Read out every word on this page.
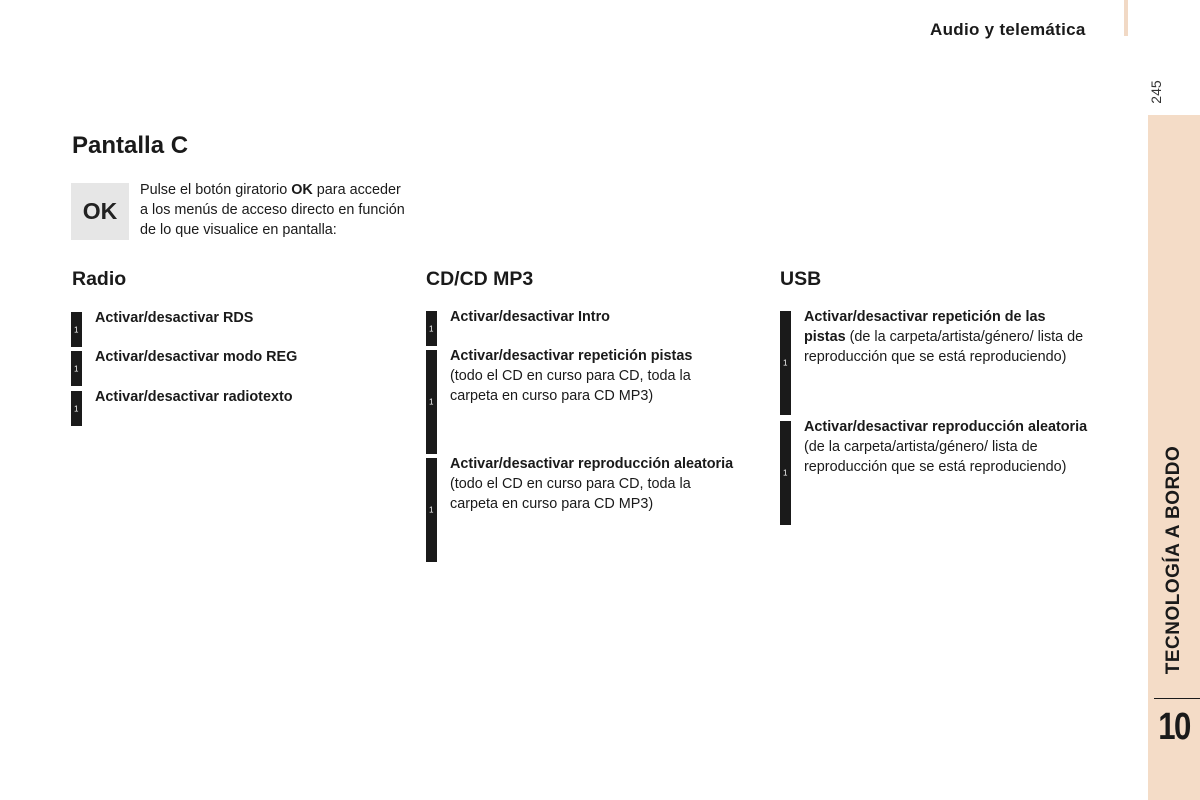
Audio y telemática
245
TECNOLOGÍA A BORDO
10
Pantalla C
OK
Pulse el botón giratorio OK para acceder a los menús de acceso directo en función de lo que visualice en pantalla:
Radio
1
Activar/desactivar RDS
1
Activar/desactivar modo REG
1
Activar/desactivar radiotexto
CD/CD MP3
1
Activar/desactivar Intro
1
Activar/desactivar repetición pistas
(todo el CD en curso para CD, toda la carpeta en curso para CD MP3)
1
Activar/desactivar reproducción aleatoria (todo el CD en curso para CD, toda la carpeta en curso para CD MP3)
USB
1
Activar/desactivar repetición de las pistas (de la carpeta/artista/género/ lista de reproducción que se está reproduciendo)
1
Activar/desactivar reproducción aleatoria (de la carpeta/artista/género/ lista de reproducción que se está reproduciendo)
